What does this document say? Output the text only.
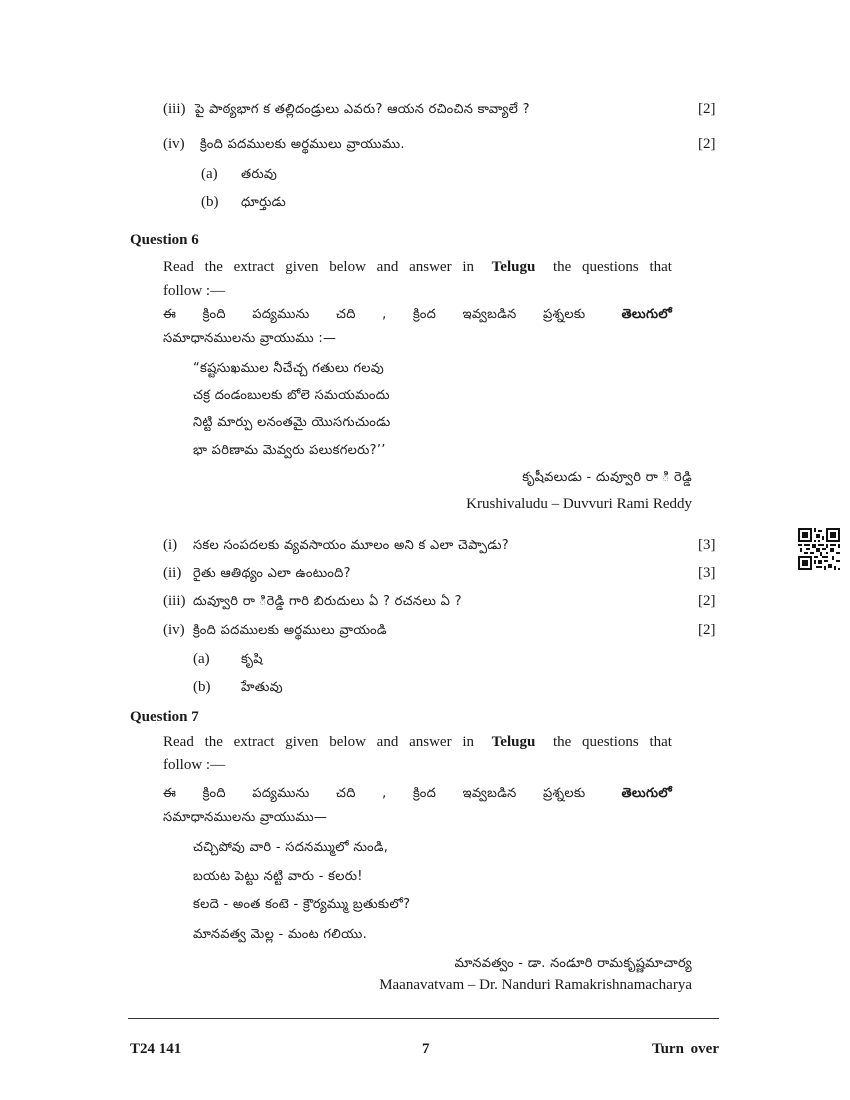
(iii) పై పాఠ్యభాగ క తల్లిదండ్రులు ఎవరు? ఆయన రచించిన కావ్యాలే ?	[2]
(iv) క్రింది పదములకు అర్థములు వ్రాయుము.	[2]
(a) తరువు
(b) ధూర్తుడు
Question 6
Read the extract given below and answer in Telugu the questions that
follow :—
ఈ క్రింది పద్యమును చది , క్రింద ఇవ్వబడిన ప్రశ్నలకు	తెలుగులో
సమాధానములను వ్రాయుము :—
“కష్టసుఖముల నీచేచ్చ గతులు గలవు
చక్ర దండంబులకు బోలె సమయమందు
నిట్టి మార్పు లనంతమై యొసగుచుండు
భా పరిణామ మెవ్వరు పలుకగలరు?’’
కృషీవలుడు - దువ్వూరి రా ి రెడ్డి
Krushivaludu – Duvvuri Rami Reddy
(i) సకల సంపదలకు వ్యవసాయం మూలం అని క ఎలా చెప్పాడు?	[3]
(ii) రైతు ఆతిథ్యం ఎలా ఉంటుంది?	[3]
(iii) దువ్వూరి రా ిరెడ్డి గారి బిరుదులు ఏ ? రచనలు ఏ ?	[2]
(iv) క్రింది పదములకు అర్థములు వ్రాయండి	[2]
(a) కృషి
(b) హేతువు
Question 7
Read the extract given below and answer in Telugu the questions that
follow :—
ఈ క్రింది పద్యమును చది , క్రింద ఇవ్వబడిన ప్రశ్నలకు	తెలుగులో
సమాధానములను వ్రాయుము—
చచ్చిపోవు వారి - సదనమ్ములో నుండి,
బయట పెట్టు నట్టి వారు - కలరు!
కలదె - అంత కంటె - క్రౌర్యమ్ము బ్రతుకులో?
మానవత్వ మెల్ల - మంట గలియు.
మానవత్వం - డా. నండూరి రామకృష్ణమాచార్య
Maanavatvam – Dr. Nanduri Ramakrishnamacharya
T24 141	7	Turn over
